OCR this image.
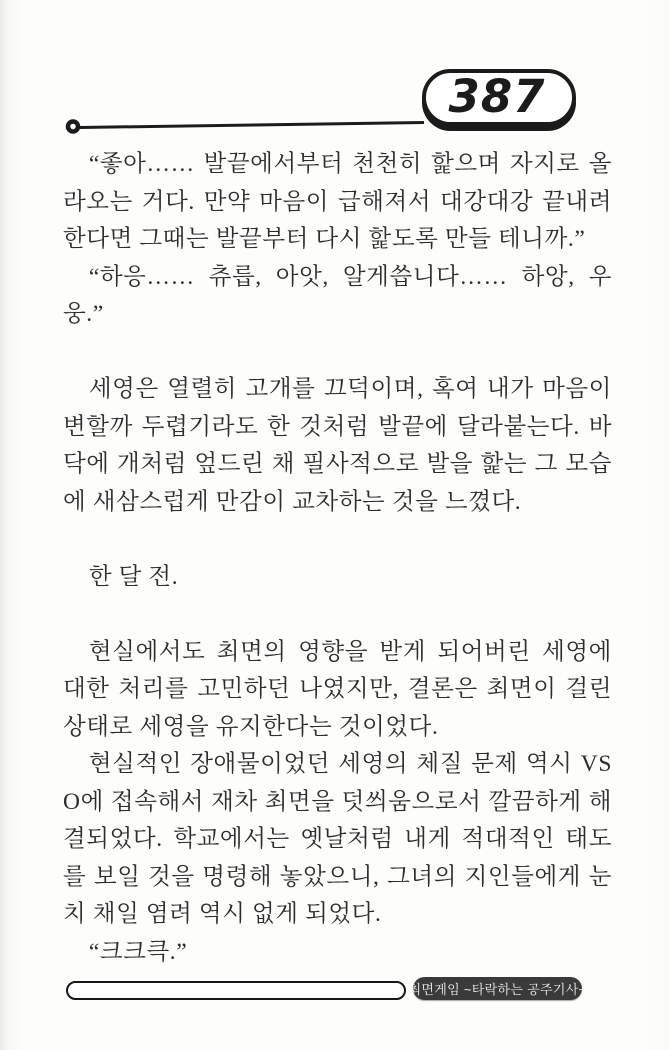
387

“좋아…… 발끝에서부터 천천히 핥으며 자지로 올라오는 거다. 만약 마음이 급해져서 대강대강 끝내려 한다면 그때는 발끝부터 다시 핥도록 만들 테니까.”

“하응…… 츄릅, 아앗, 알게씁니다…… 하앙, 우웅.”

세영은 열렬히 고개를 끄덕이며, 혹여 내가 마음이 변할까 두렵기라도 한 것처럼 발끝에 달라붙는다. 바닥에 개처럼 엎드린 채 필사적으로 발을 핥는 그 모습에 새삼스럽게 만감이 교차하는 것을 느꼈다.

한 달 전.

현실에서도 최면의 영향을 받게 되어버린 세영에 대한 처리를 고민하던 나였지만, 결론은 최면이 걸린 상태로 세영을 유지한다는 것이었다.

현실적인 장애물이었던 세영의 체질 문제 역시 VSO에 접속해서 재차 최면을 덧씌움으로서 깔끔하게 해결되었다. 학교에서는 옛날처럼 내게 적대적인 태도를 보일 것을 명령해 놓았으니, 그녀의 지인들에게 눈치 채일 염려 역시 없게 되었다.

“크크큭.”

최면게임 ~타락하는 공주기사~
